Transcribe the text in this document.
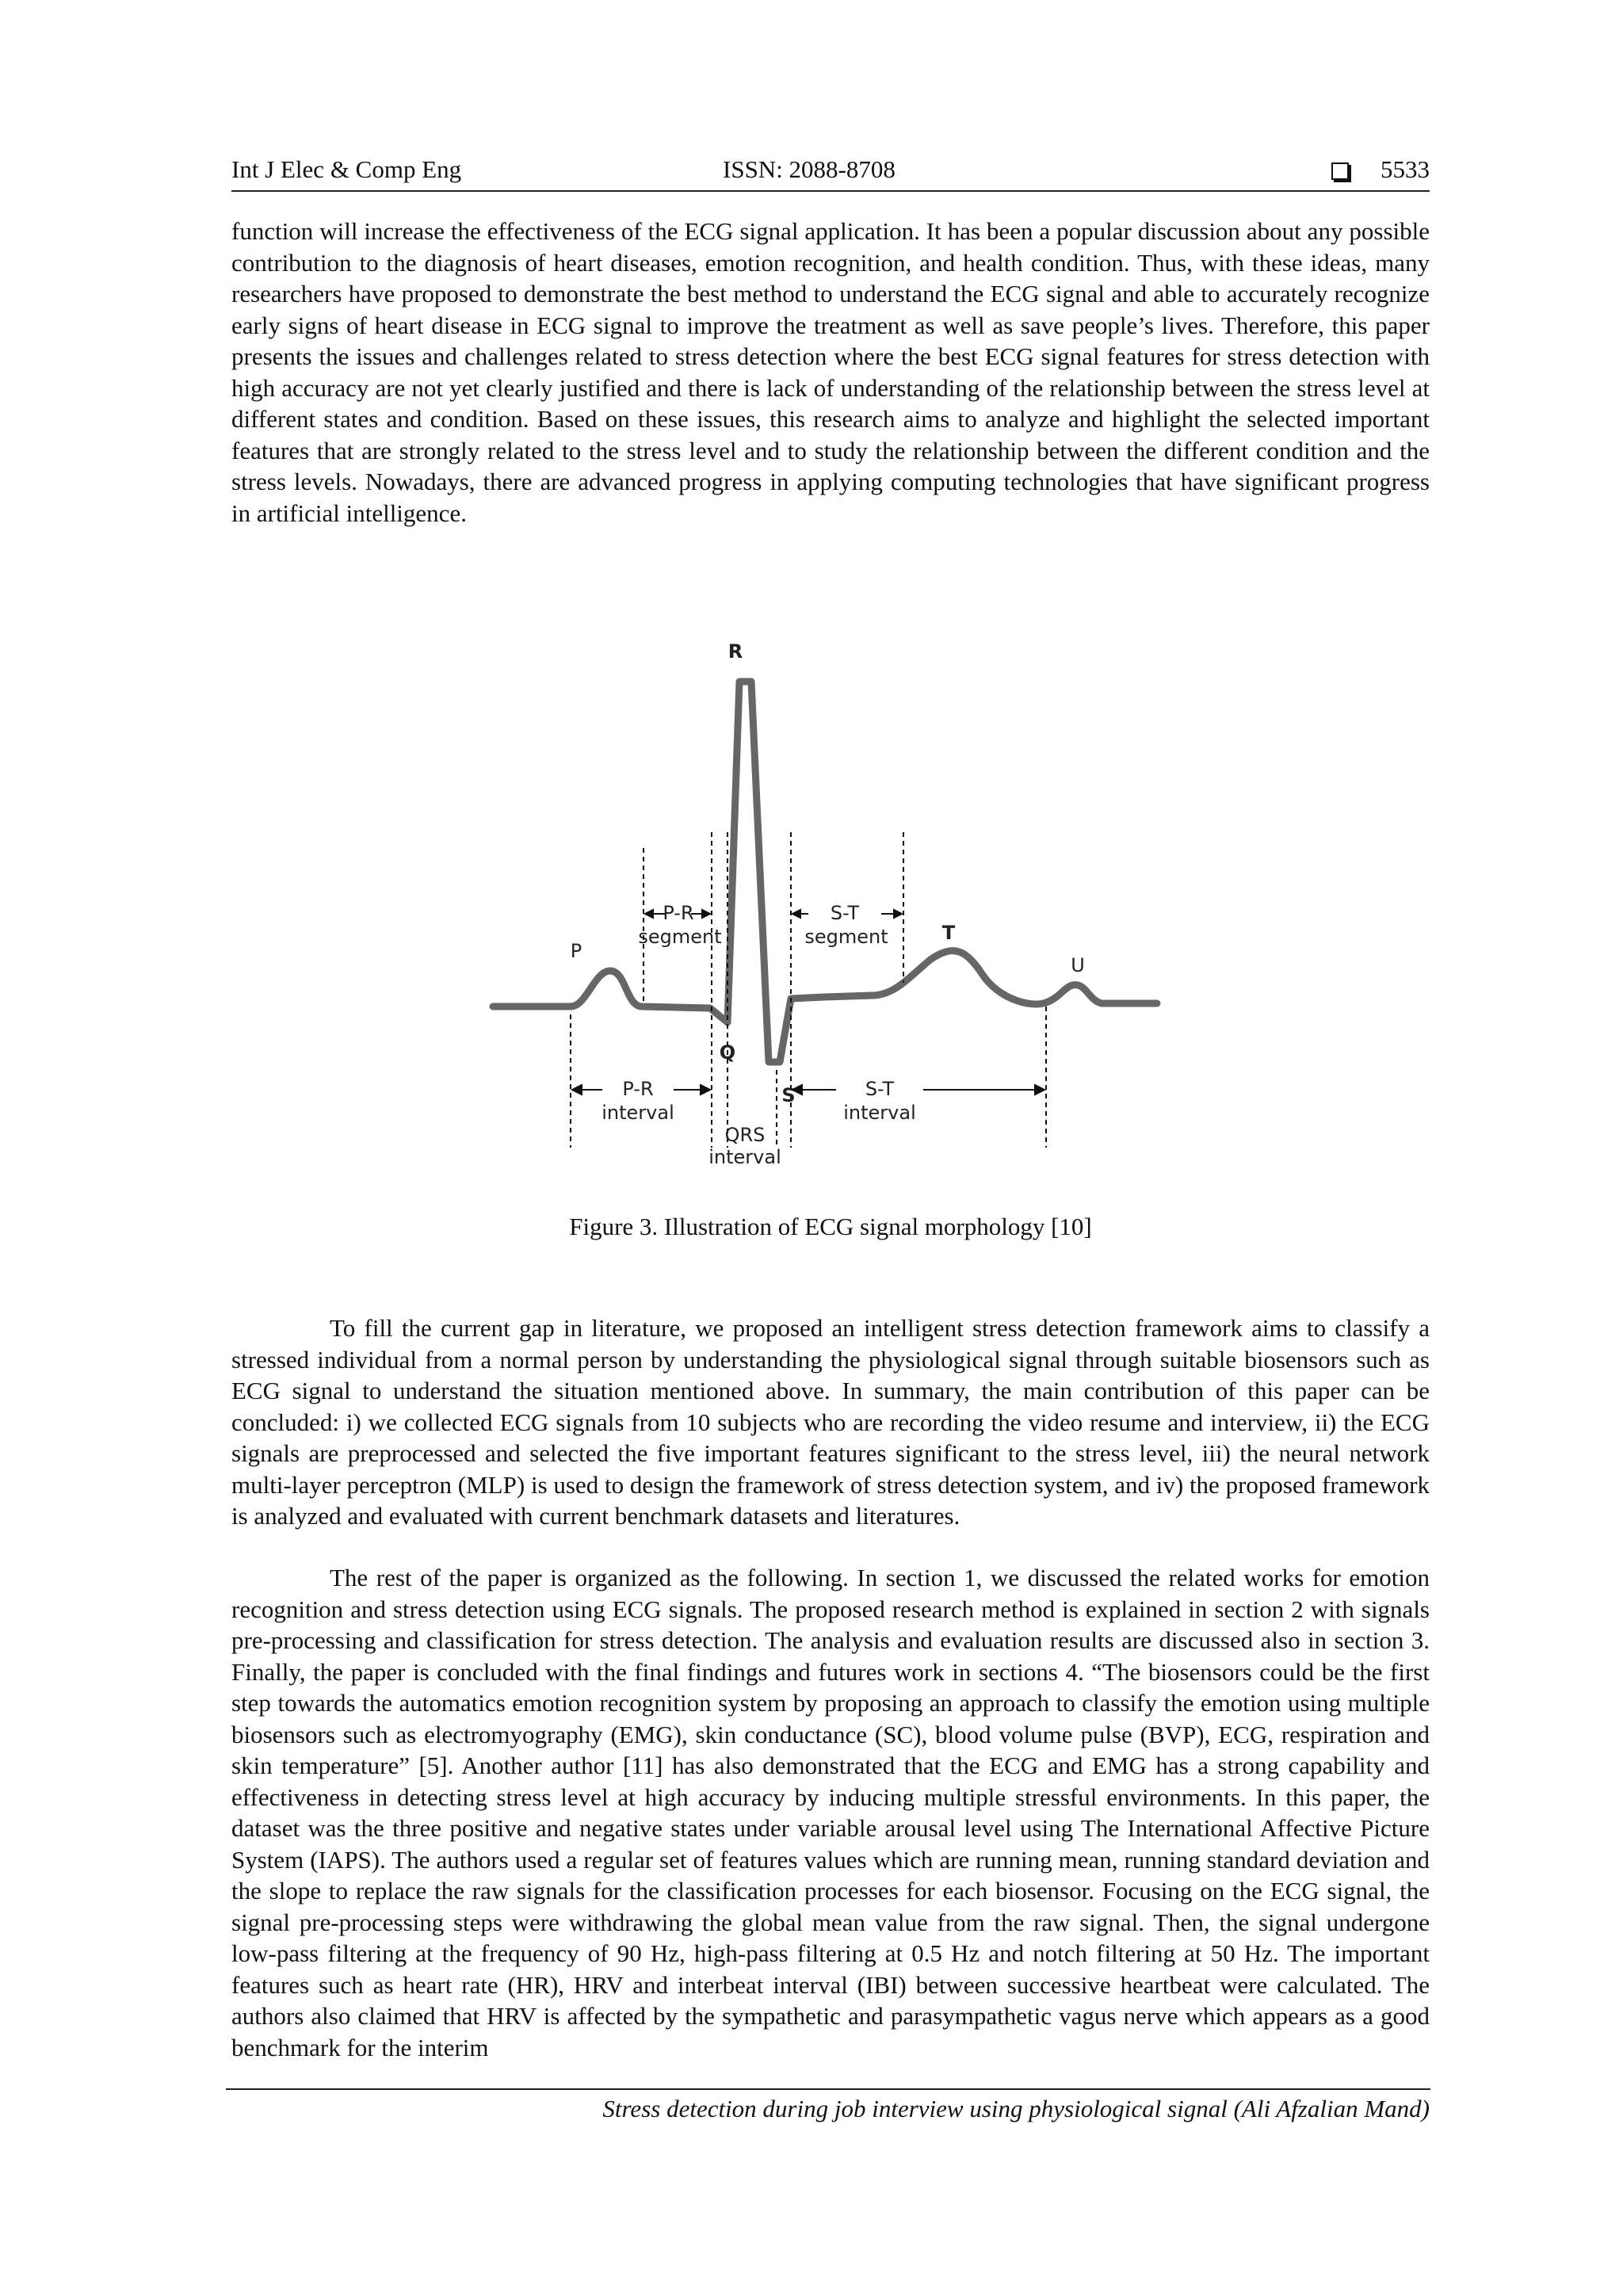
Int J Elec & Comp Eng	ISSN: 2088-8708	5533

function will increase the effectiveness of the ECG signal application. It has been a popular discussion about any possible contribution to the diagnosis of heart diseases, emotion recognition, and health condition. Thus, with these ideas, many researchers have proposed to demonstrate the best method to understand the ECG signal and able to accurately recognize early signs of heart disease in ECG signal to improve the treatment as well as save people’s lives. Therefore, this paper presents the issues and challenges related to stress detection where the best ECG signal features for stress detection with high accuracy are not yet clearly justified and there is lack of understanding of the relationship between the stress level at different states and condition. Based on these issues, this research aims to analyze and highlight the selected important features that are strongly related to the stress level and to study the relationship between the different condition and the stress levels. Nowadays, there are advanced progress in applying computing technologies that have significant progress in artificial intelligence.

R
P
Q
S
T
U
P-R
segment
S-T
segment
P-R
interval
S-T
interval
QRS
interval
Figure 3. Illustration of ECG signal morphology [10]

To fill the current gap in literature, we proposed an intelligent stress detection framework aims to classify a stressed individual from a normal person by understanding the physiological signal through suitable biosensors such as ECG signal to understand the situation mentioned above. In summary, the main contribution of this paper can be concluded: i) we collected ECG signals from 10 subjects who are recording the video resume and interview, ii) the ECG signals are preprocessed and selected the five important features significant to the stress level, iii) the neural network multi-layer perceptron (MLP) is used to design the framework of stress detection system, and iv) the proposed framework is analyzed and evaluated with current benchmark datasets and literatures.

The rest of the paper is organized as the following. In section 1, we discussed the related works for emotion recognition and stress detection using ECG signals. The proposed research method is explained in section 2 with signals pre-processing and classification for stress detection. The analysis and evaluation results are discussed also in section 3. Finally, the paper is concluded with the final findings and futures work in sections 4. “The biosensors could be the first step towards the automatics emotion recognition system by proposing an approach to classify the emotion using multiple biosensors such as electromyography (EMG), skin conductance (SC), blood volume pulse (BVP), ECG, respiration and skin temperature” [5]. Another author [11] has also demonstrated that the ECG and EMG has a strong capability and effectiveness in detecting stress level at high accuracy by inducing multiple stressful environments. In this paper, the dataset was the three positive and negative states under variable arousal level using The International Affective Picture System (IAPS). The authors used a regular set of features values which are running mean, running standard deviation and the slope to replace the raw signals for the classification processes for each biosensor. Focusing on the ECG signal, the signal pre-processing steps were withdrawing the global mean value from the raw signal. Then, the signal undergone low-pass filtering at the frequency of 90 Hz, high-pass filtering at 0.5 Hz and notch filtering at 50 Hz. The important features such as heart rate (HR), HRV and interbeat interval (IBI) between successive heartbeat were calculated. The authors also claimed that HRV is affected by the sympathetic and parasympathetic vagus nerve which appears as a good benchmark for the interim

Stress detection during job interview using physiological signal (Ali Afzalian Mand)
